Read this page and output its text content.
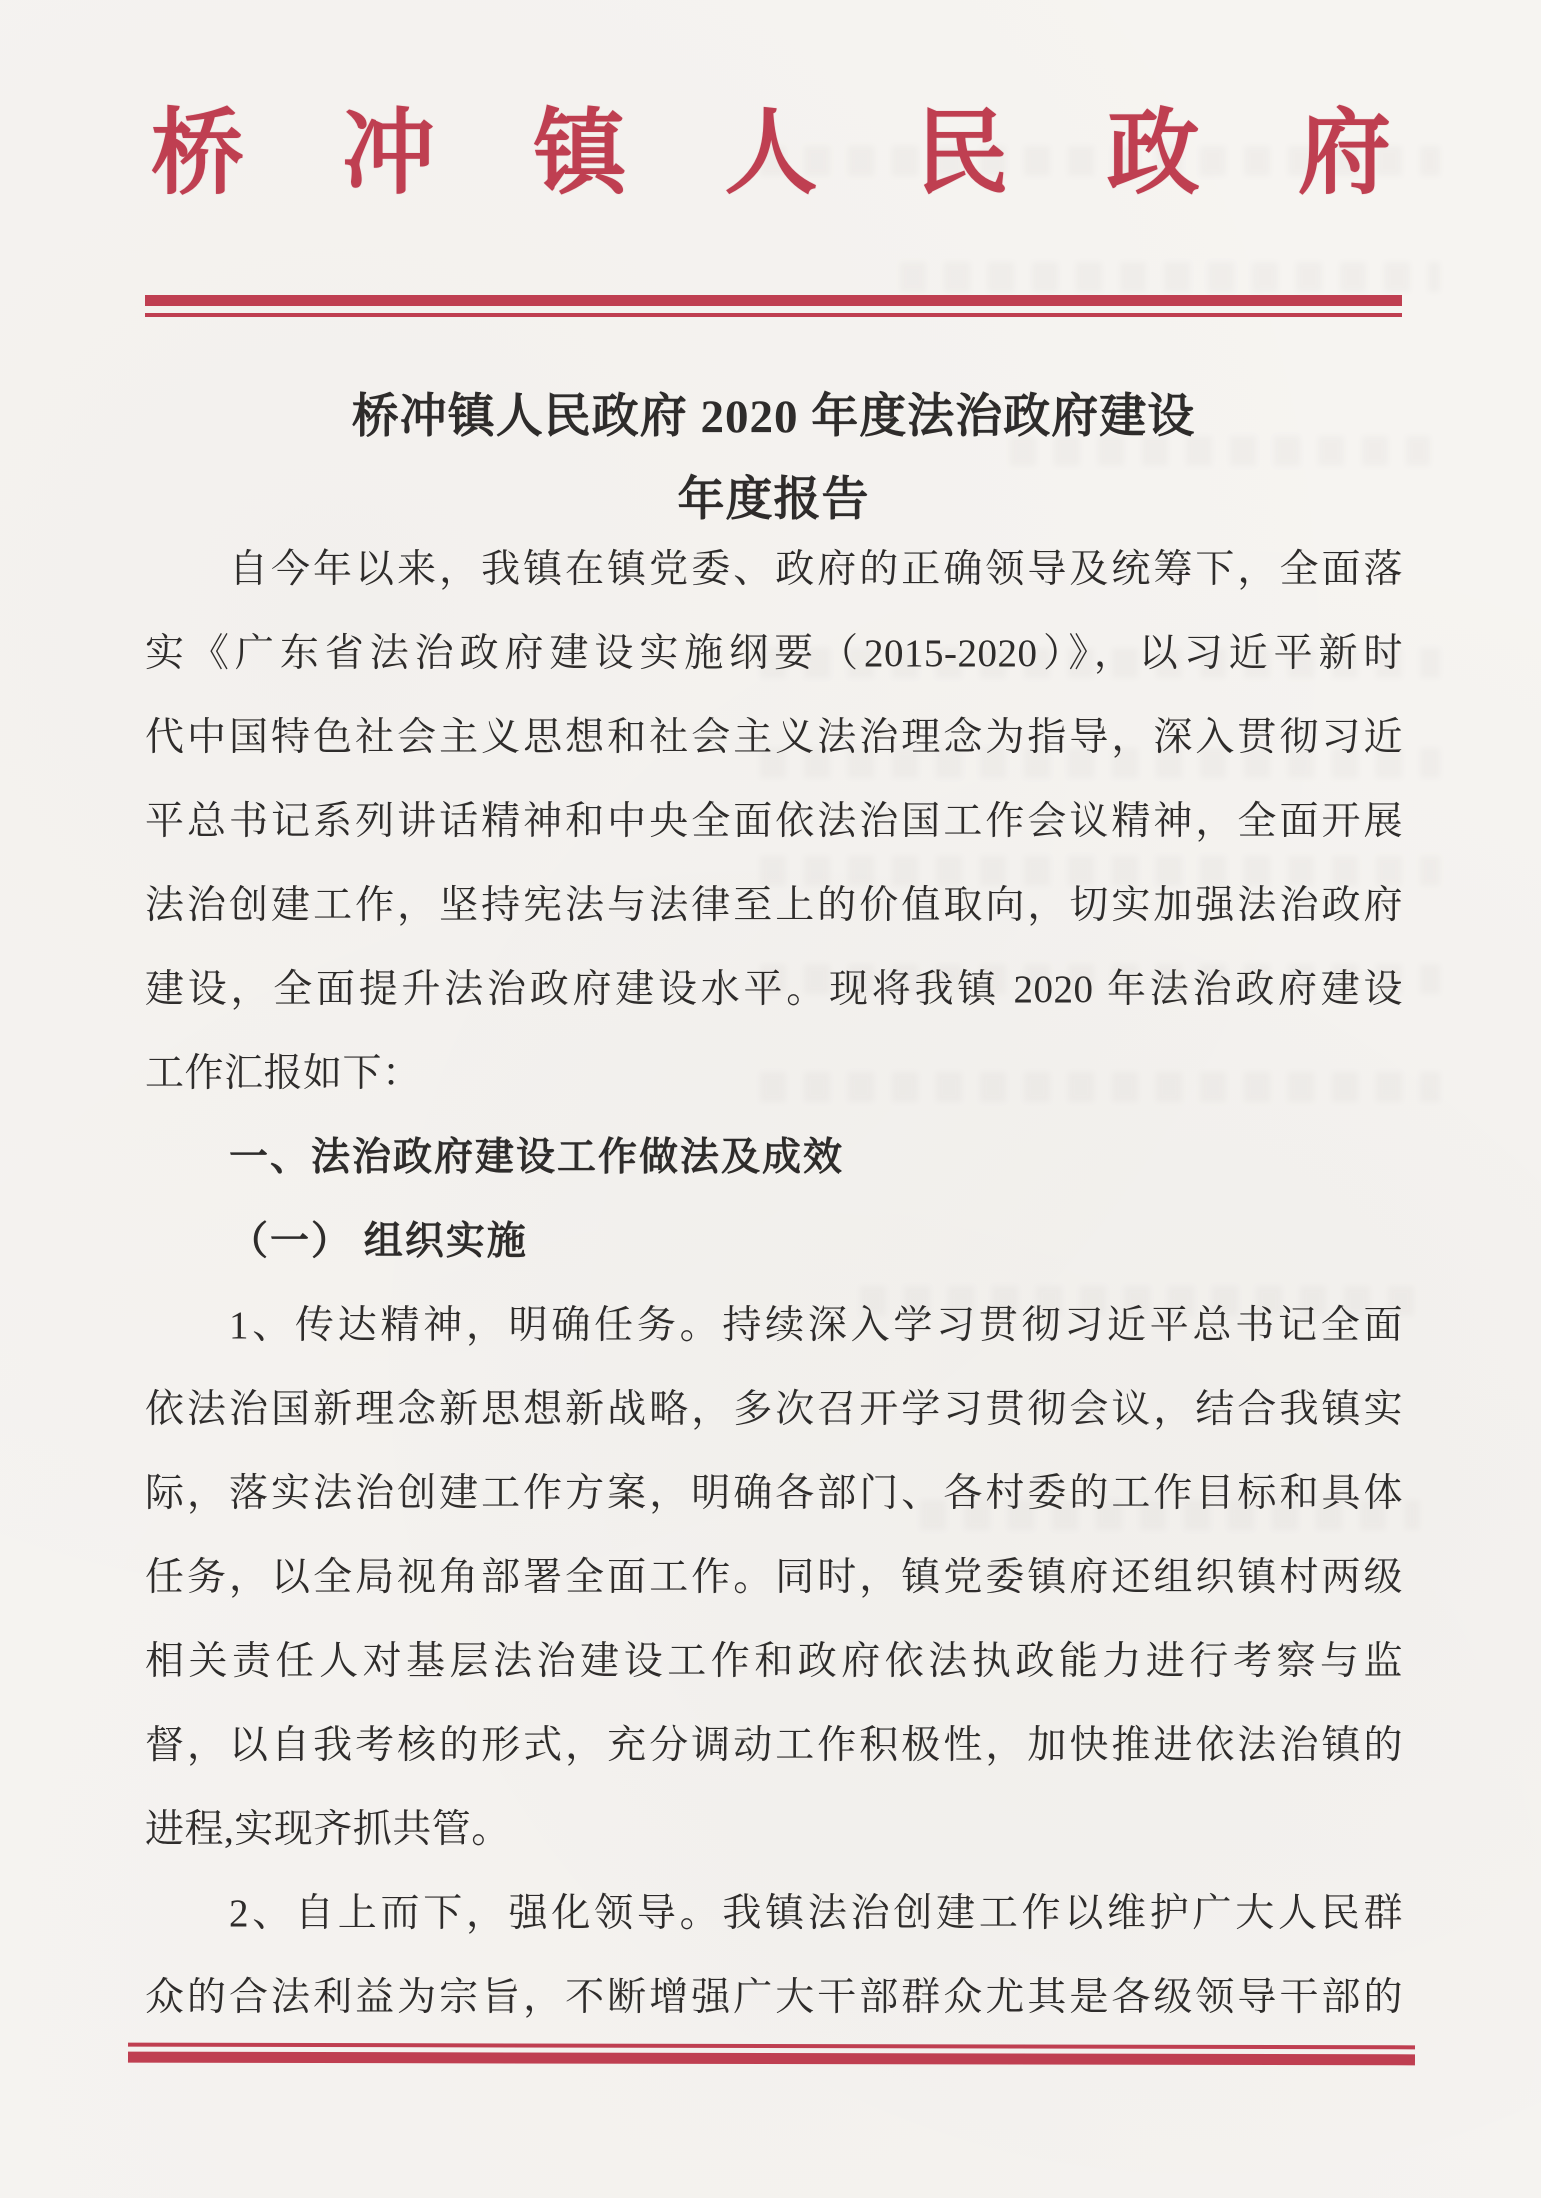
桥 冲 镇 人 民 政 府
桥冲镇人民政府 2020 年度法治政府建设
年度报告
自今年以来，我镇在镇党委、政府的正确领导及统筹下，全面落
实《广东省法治政府建设实施纲要（2015-2020）》，以习近平新时
代中国特色社会主义思想和社会主义法治理念为指导，深入贯彻习近
平总书记系列讲话精神和中央全面依法治国工作会议精神，全面开展
法治创建工作，坚持宪法与法律至上的价值取向，切实加强法治政府
建设，全面提升法治政府建设水平。现将我镇 2020 年法治政府建设
工作汇报如下：
一、法治政府建设工作做法及成效
（一） 组织实施
1、传达精神，明确任务。持续深入学习贯彻习近平总书记全面
依法治国新理念新思想新战略，多次召开学习贯彻会议，结合我镇实
际，落实法治创建工作方案，明确各部门、各村委的工作目标和具体
任务，以全局视角部署全面工作。同时，镇党委镇府还组织镇村两级
相关责任人对基层法治建设工作和政府依法执政能力进行考察与监
督，以自我考核的形式，充分调动工作积极性，加快推进依法治镇的
进程,实现齐抓共管。
2、自上而下，强化领导。我镇法治创建工作以维护广大人民群
众的合法利益为宗旨，不断增强广大干部群众尤其是各级领导干部的
